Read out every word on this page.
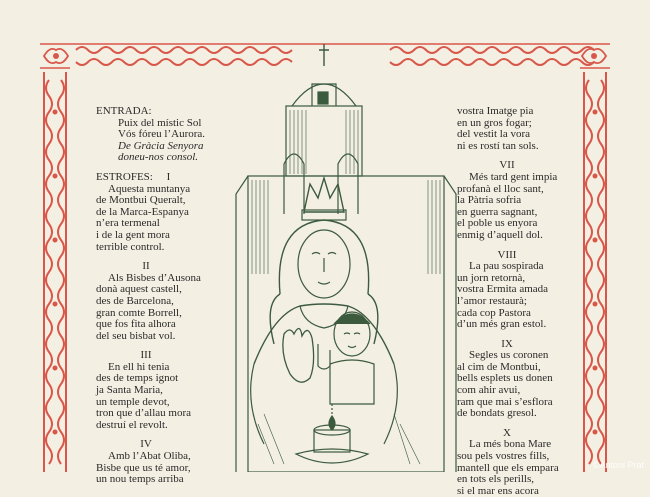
ENTRADA:
Puix del místic Sol
Vós fóreu l’Aurora.
De Gràcia Senyora
doneu-nos consol.
ESTROFES: I
Aquesta muntanya
de Montbui Queralt,
de la Marca-Espanya
n’era termenal
i de la gent mora
terrible control.
II
Als Bisbes d’Ausona
donà aquest castell,
des de Barcelona,
gran comte Borrell,
que fos fita alhora
del seu bisbat vol.
III
En ell hi tenia
des de temps ignot
ja Santa Maria,
un temple devot,
tron que d’allau mora
destruí el revolt.
IV
Amb l’Abat Oliba,
Bisbe que us té amor,
un nou temps arriba
vostra Imatge pia
en un gros fogar;
del vestit la vora
ni es rostí tan sols.
VII
Més tard gent impia
profanà el lloc sant,
la Pàtria sofria
en guerra sagnant,
el poble us enyora
enmig d’aquell dol.
VIII
La pau sospirada
un jorn retornà,
vostra Ermita amada
l’amor restaurà;
cada cop Pastora
d’un més gran estol.
IX
Segles us coronen
al cim de Montbui,
bells esplets us donen
com ahir avui,
ram que mai s’esflora
de bondats gresol.
X
La més bona Mare
sou pels vostres fills,
mantell que els empara
en tots els perills,
si el mar ens acora
©Antoni Prat
